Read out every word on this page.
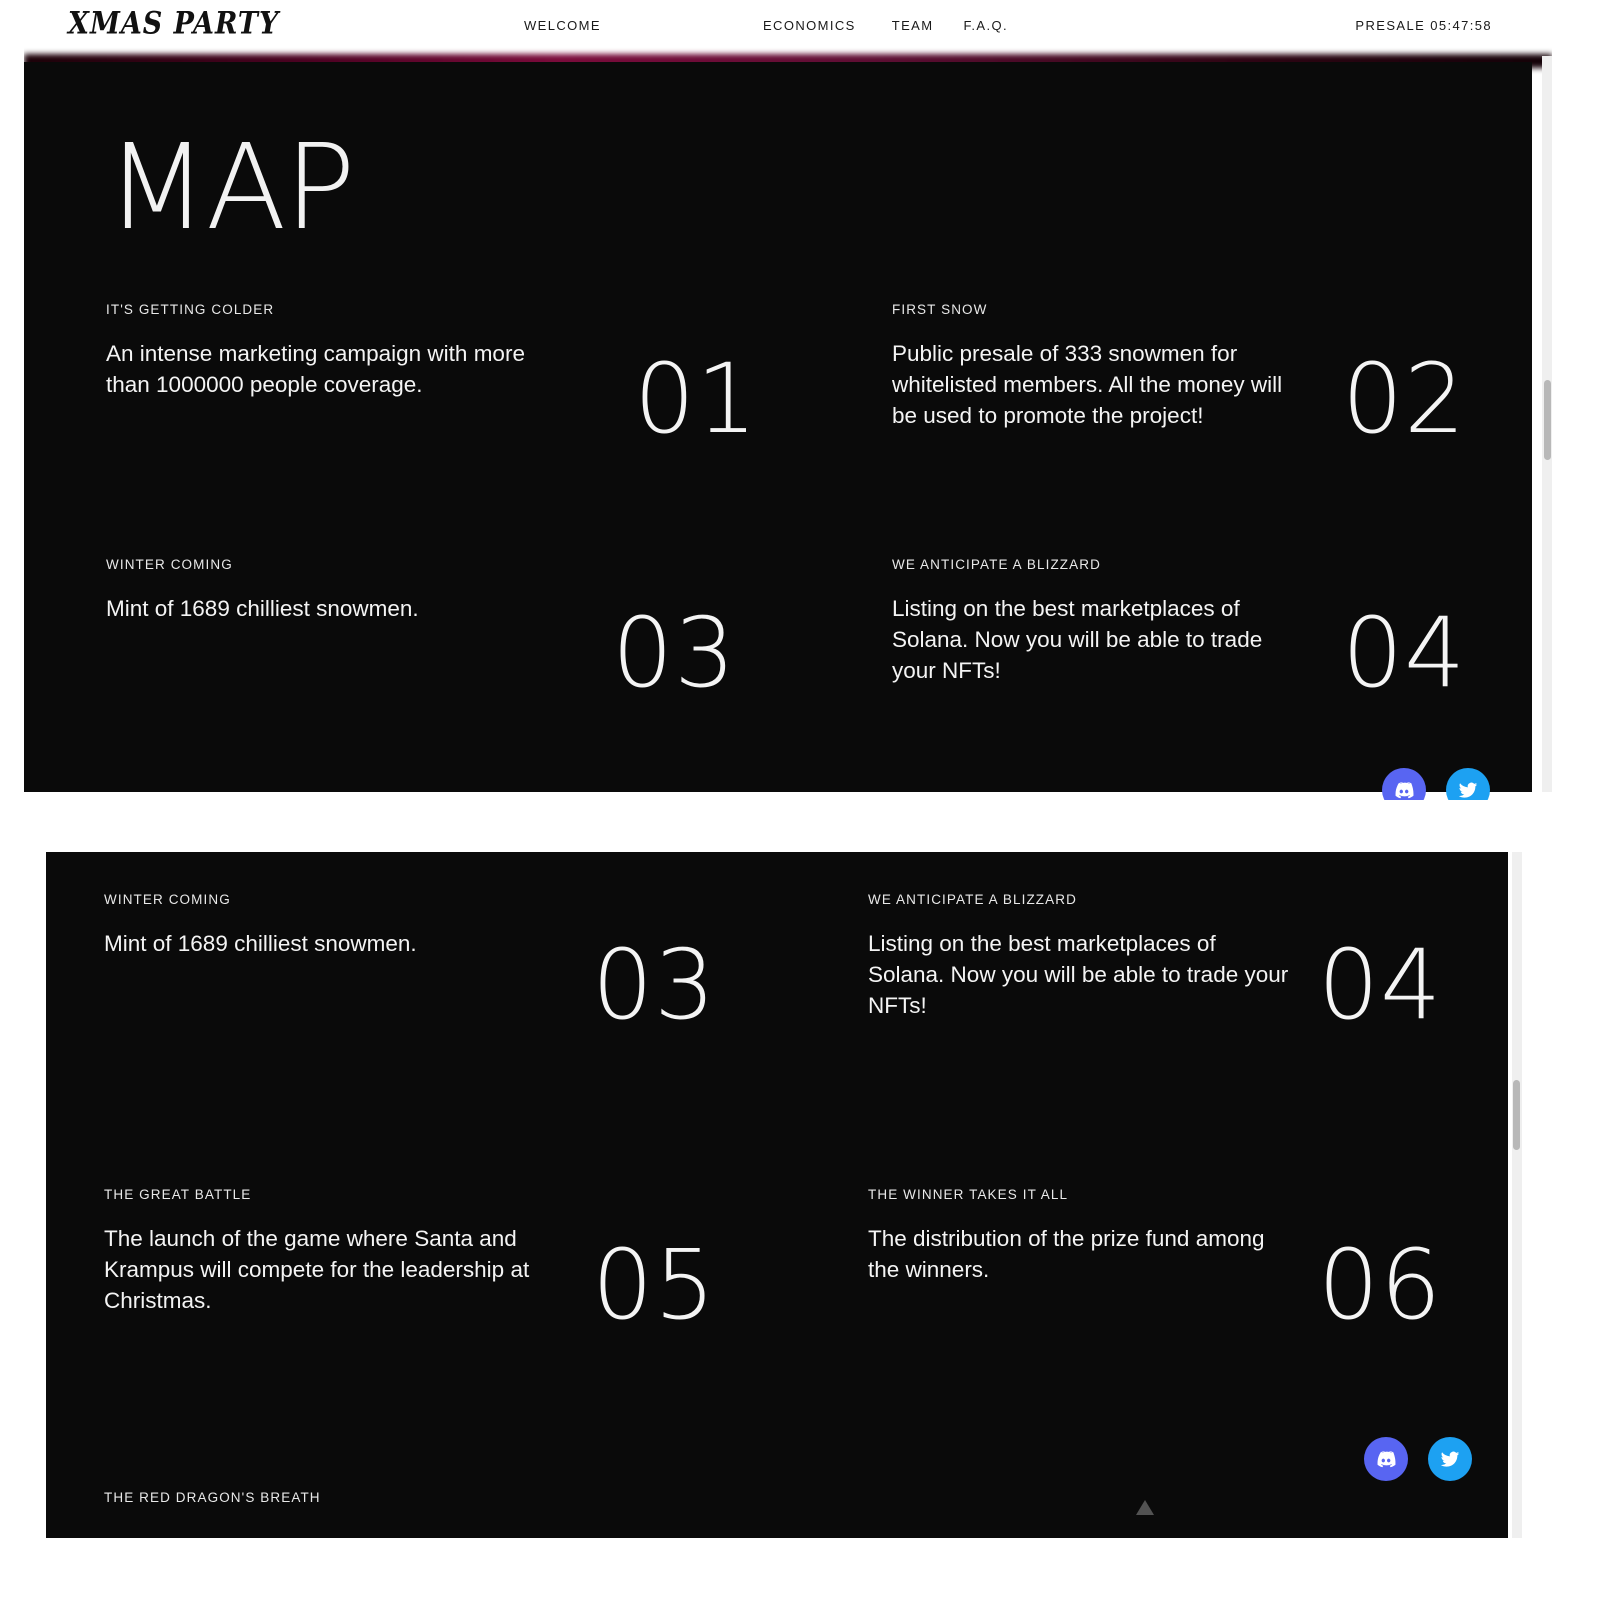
XMAS PARTY	WELCOME	ECONOMICS	TEAM F.A.Q.	PRESALE 05:47:58
MAP
IT'S GETTING COLDER
An intense marketing campaign with more than 1000000 people coverage.	01
FIRST SNOW
Public presale of 333 snowmen for whitelisted members. All the money will be used to promote the project!	02
WINTER COMING
Mint of 1689 chilliest snowmen.	03
WE ANTICIPATE A BLIZZARD
Listing on the best marketplaces of Solana. Now you will be able to trade your NFTs!	04
WINTER COMING
Mint of 1689 chilliest snowmen.	03
WE ANTICIPATE A BLIZZARD
Listing on the best marketplaces of Solana. Now you will be able to trade your NFTs!	04
THE GREAT BATTLE
The launch of the game where Santa and Krampus will compete for the leadership at Christmas.	05
THE WINNER TAKES IT ALL
The distribution of the prize fund among the winners.	06
THE RED DRAGON'S BREATH
